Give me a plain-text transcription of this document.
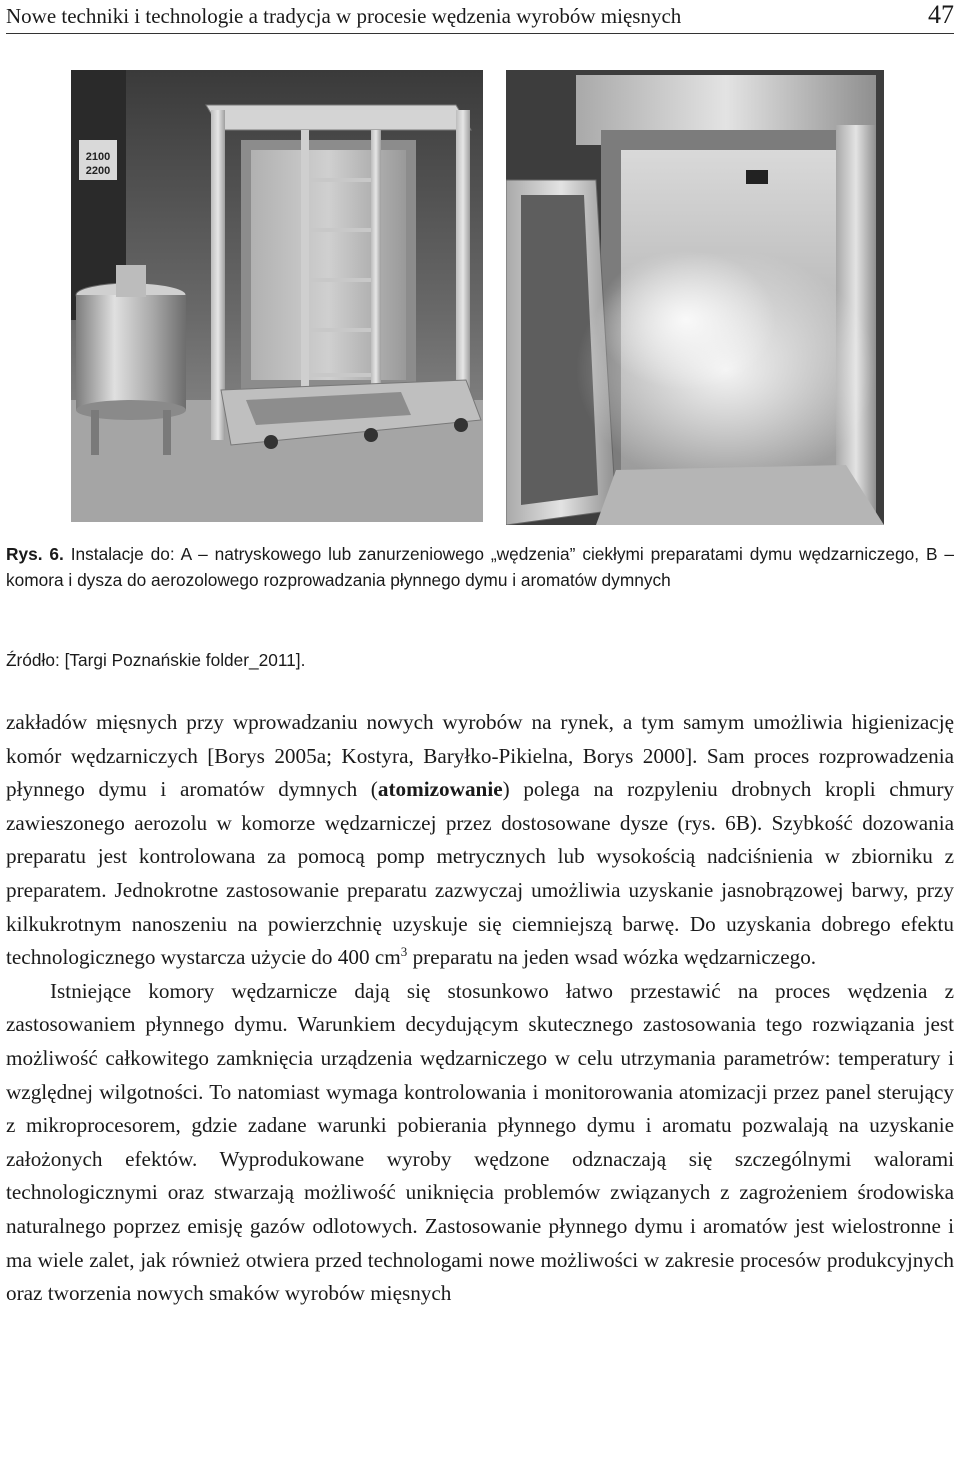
Nowe techniki i technologie a tradycja w procesie wędzenia wyrobów mięsnych	47
2100
2200
Rys. 6. Instalacje do: A – natryskowego lub zanurzeniowego „wędzenia” ciekłymi preparatami dymu wędzarniczego, B – komora i dysza do aerozolowego rozprowadzania płynnego dymu i aromatów dymnych
Źródło: [Targi Poznańskie folder_2011].

zakładów mięsnych przy wprowadzaniu nowych wyrobów na rynek, a tym samym umożliwia higienizację komór wędzarniczych [Borys 2005a; Kostyra, Baryłko-Pikielna, Borys 2000]. Sam proces rozprowadzenia płynnego dymu i aromatów dymnych (atomizowanie) polega na rozpyleniu drobnych kropli chmury zawieszonego aerozolu w komorze wędzarniczej przez dostosowane dysze (rys. 6B). Szybkość dozowania preparatu jest kontrolowana za pomocą pomp metrycznych lub wysokością nadciśnienia w zbiorniku z preparatem. Jednokrotne zastosowanie preparatu zazwyczaj umożliwia uzyskanie jasnobrązowej barwy, przy kilkukrotnym nanoszeniu na powierzchnię uzyskuje się ciemniejszą barwę. Do uzyskania dobrego efektu technologicznego wystarcza użycie do 400 $cm^3$ preparatu na jeden wsad wózka wędzarniczego.

Istniejące komory wędzarnicze dają się stosunkowo łatwo przestawić na proces wędzenia z zastosowaniem płynnego dymu. Warunkiem decydującym skutecznego zastosowania tego rozwiązania jest możliwość całkowitego zamknięcia urządzenia wędzarniczego w celu utrzymania parametrów: temperatury i względnej wilgotności. To natomiast wymaga kontrolowania i monitorowania atomizacji przez panel sterujący z mikroprocesorem, gdzie zadane warunki pobierania płynnego dymu i aromatu pozwalają na uzyskanie założonych efektów. Wyprodukowane wyroby wędzone odznaczają się szczególnymi walorami technologicznymi oraz stwarzają możliwość uniknięcia problemów związanych z zagrożeniem środowiska naturalnego poprzez emisję gazów odlotowych. Zastosowanie płynnego dymu i aromatów jest wielostronne i ma wiele zalet, jak również otwiera przed technologami nowe możliwości w zakresie procesów produkcyjnych oraz tworzenia nowych smaków wyrobów mięsnych
